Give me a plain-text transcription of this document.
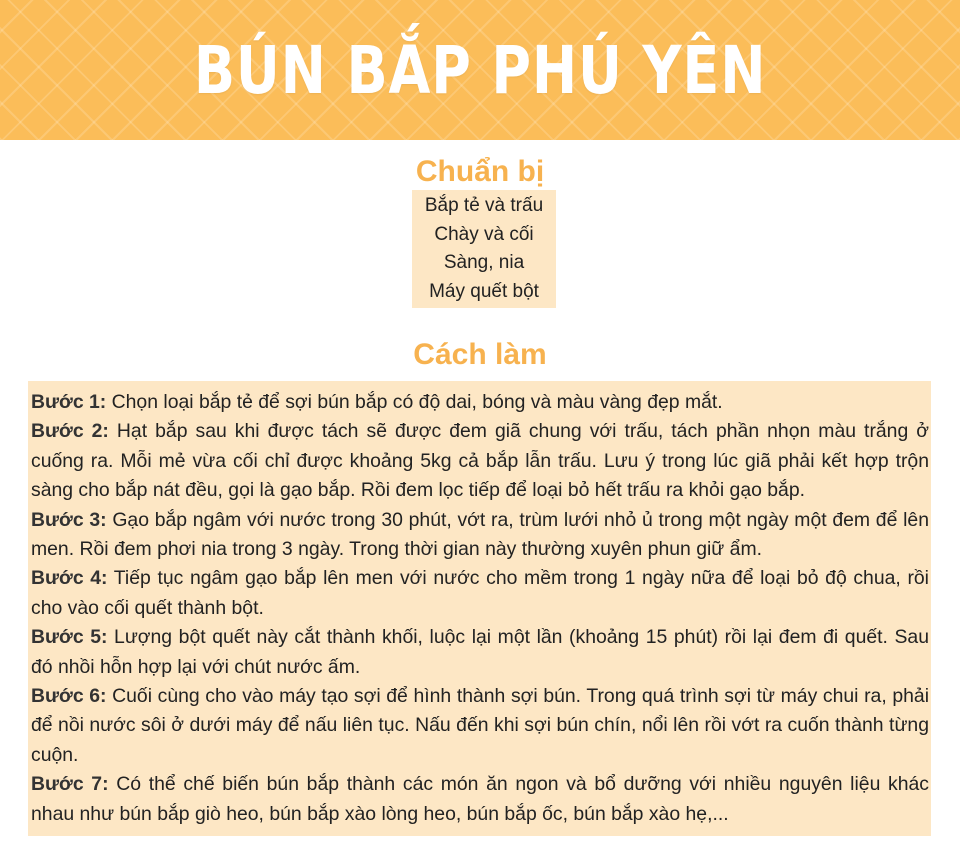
BÚN BẮP PHÚ YÊN
Chuẩn bị
Bắp tẻ và trấu
Chày và cối
Sàng, nia
Máy quết bột
Cách làm

Bước 1: Chọn loại bắp tẻ để sợi bún bắp có độ dai, bóng và màu vàng đẹp mắt.

Bước 2: Hạt bắp sau khi được tách sẽ được đem giã chung với trấu, tách phần nhọn màu trắng ở cuống ra. Mỗi mẻ vừa cối chỉ được khoảng 5kg cả bắp lẫn trấu. Lưu ý trong lúc giã phải kết hợp trộn sàng cho bắp nát đều, gọi là gạo bắp. Rồi đem lọc tiếp để loại bỏ hết trấu ra khỏi gạo bắp.

Bước 3: Gạo bắp ngâm với nước trong 30 phút, vớt ra, trùm lưới nhỏ ủ trong một ngày một đem để lên men. Rồi đem phơi nia trong 3 ngày. Trong thời gian này thường xuyên phun giữ ẩm.

Bước 4: Tiếp tục ngâm gạo bắp lên men với nước cho mềm trong 1 ngày nữa để loại bỏ độ chua, rồi cho vào cối quết thành bột.

Bước 5: Lượng bột quết này cắt thành khối, luộc lại một lần (khoảng 15 phút) rồi lại đem đi quết. Sau đó nhồi hỗn hợp lại với chút nước ấm.

Bước 6: Cuối cùng cho vào máy tạo sợi để hình thành sợi bún. Trong quá trình sợi từ máy chui ra, phải để nồi nước sôi ở dưới máy để nấu liên tục. Nấu đến khi sợi bún chín, nổi lên rồi vớt ra cuốn thành từng cuộn.

Bước 7: Có thể chế biến bún bắp thành các món ăn ngon và bổ dưỡng với nhiều nguyên liệu khác nhau như bún bắp giò heo, bún bắp xào lòng heo, bún bắp ốc, bún bắp xào hẹ,...
